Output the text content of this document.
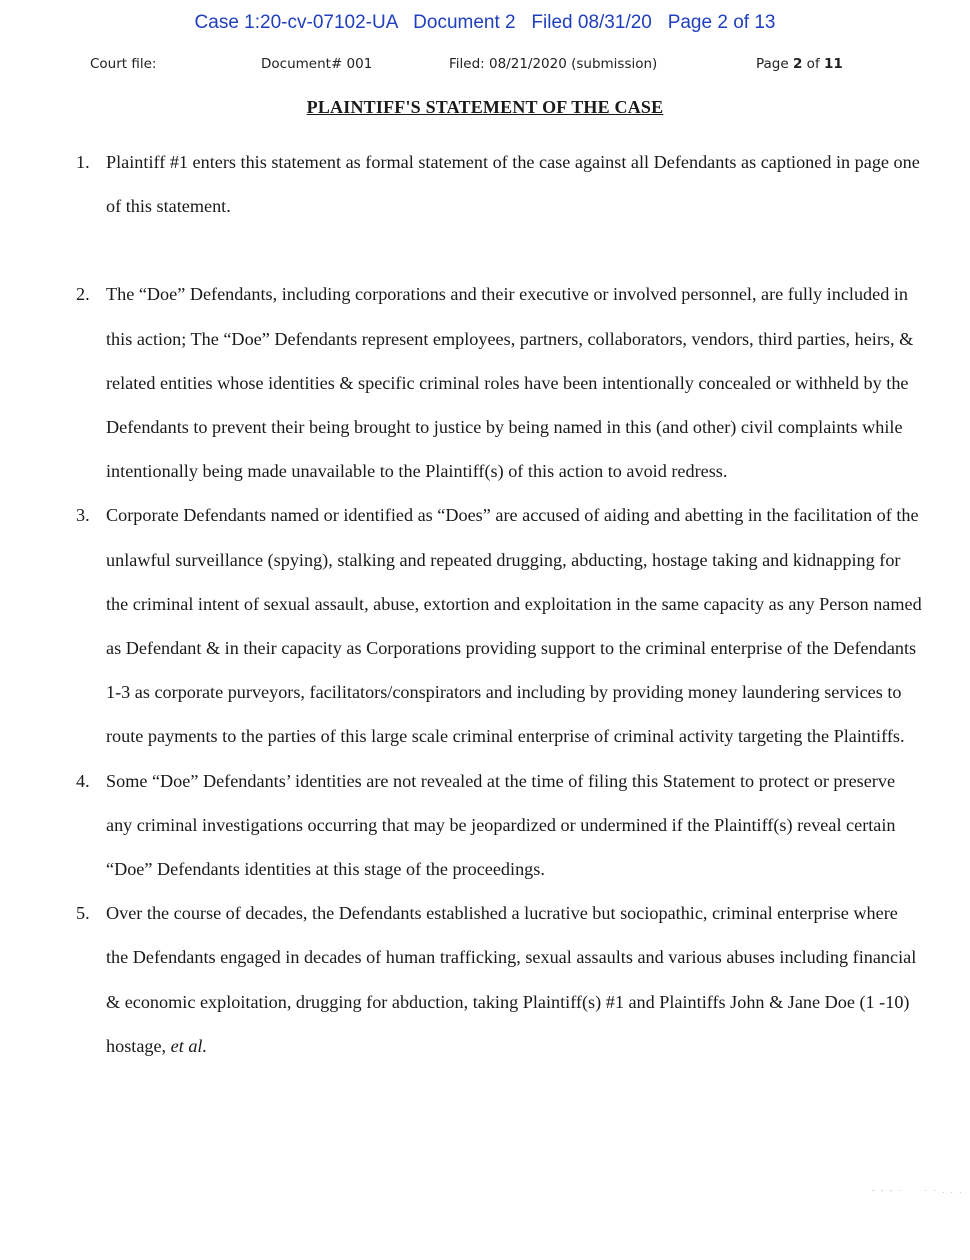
Case 1:20-cv-07102-UA   Document 2   Filed 08/31/20   Page 2 of 13
Court file:	Document# 001	Filed: 08/21/2020 (submission)	Page 2 of 11
PLAINTIFF'S STATEMENT OF THE CASE
1. Plaintiff #1 enters this statement as formal statement of the case against all Defendants as captioned in page one of this statement.
2. The “Doe” Defendants, including corporations and their executive or involved personnel, are fully included in this action; The “Doe” Defendants represent employees, partners, collaborators, vendors, third parties, heirs, & related entities whose identities & specific criminal roles have been intentionally concealed or withheld by the Defendants to prevent their being brought to justice by being named in this (and other) civil complaints while intentionally being made unavailable to the Plaintiff(s) of this action to avoid redress.
3. Corporate Defendants named or identified as “Does” are accused of aiding and abetting in the facilitation of the unlawful surveillance (spying), stalking and repeated drugging, abducting, hostage taking and kidnapping for the criminal intent of sexual assault, abuse, extortion and exploitation in the same capacity as any Person named as Defendant & in their capacity as Corporations providing support to the criminal enterprise of the Defendants 1-3 as corporate purveyors, facilitators/conspirators and including by providing money laundering services to route payments to the parties of this large scale criminal enterprise of criminal activity targeting the Plaintiffs.
4. Some “Doe” Defendants’ identities are not revealed at the time of filing this Statement to protect or preserve any criminal investigations occurring that may be jeopardized or undermined if the Plaintiff(s) reveal certain “Doe” Defendants identities at this stage of the proceedings.
5. Over the course of decades, the Defendants established a lucrative but sociopathic, criminal enterprise where the Defendants engaged in decades of human trafficking, sexual assaults and various abuses including financial & economic exploitation, drugging for abduction, taking Plaintiff(s) #1 and Plaintiffs John & Jane Doe (1 -10) hostage, et al.
- - - ·     · · . . .
